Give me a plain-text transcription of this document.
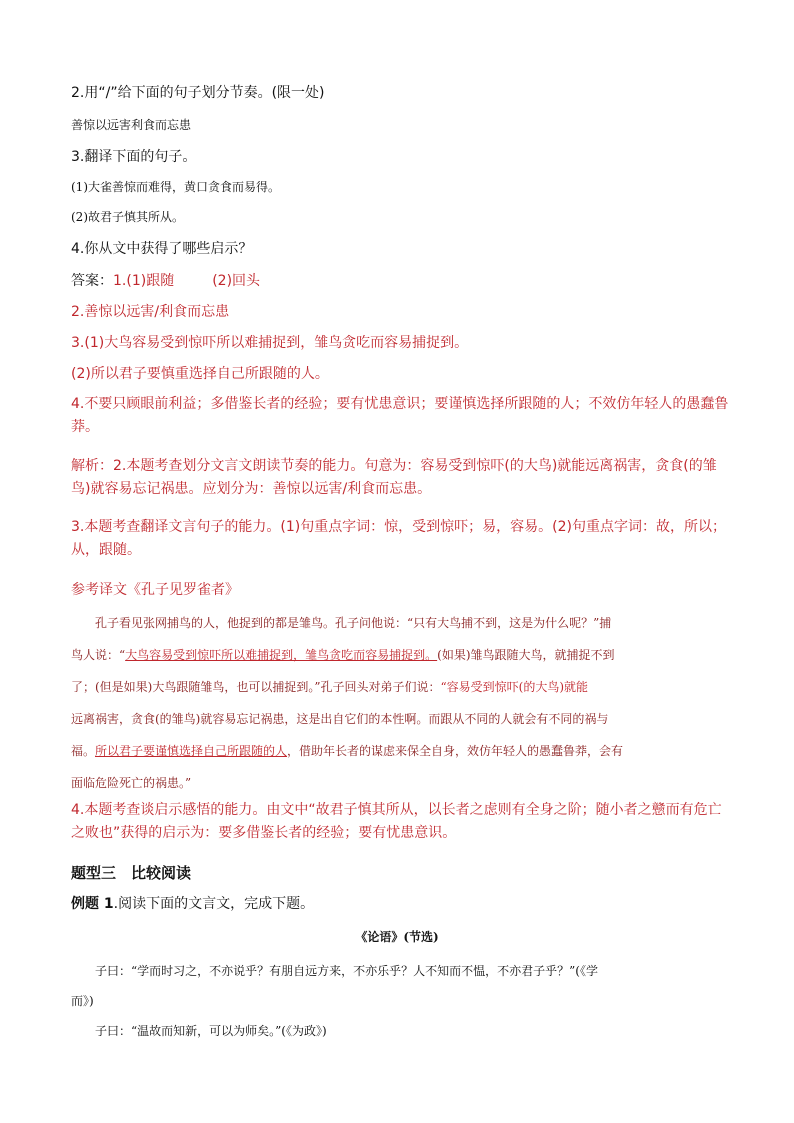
2.用“/”给下面的句子划分节奏。(限一处)
善惊以远害利食而忘患
3.翻译下面的句子。
(1)大雀善惊而难得，黄口贪食而易得。
(2)故君子慎其所从。
4.你从文中获得了哪些启示？
答案：1.(1)跟随	(2)回头
2.善惊以远害/利食而忘患
3.(1)大鸟容易受到惊吓所以难捕捉到，雏鸟贪吃而容易捕捉到。
(2)所以君子要慎重选择自己所跟随的人。
4.不要只顾眼前利益；多借鉴长者的经验；要有忧患意识；要谨慎选择所跟随的人；不效仿年轻人的愚蠢鲁莽。
解析：2.本题考查划分文言文朗读节奏的能力。句意为：容易受到惊吓(的大鸟)就能远离祸害，贪食(的雏鸟)就容易忘记祸患。应划分为：善惊以远害/利食而忘患。
3.本题考查翻译文言句子的能力。(1)句重点字词：惊，受到惊吓；易，容易。(2)句重点字词：故，所以；从，跟随。
参考译文《孔子见罗雀者》
孔子看见张网捕鸟的人，他捉到的都是雏鸟。孔子问他说：“只有大鸟捕不到，这是为什么呢？”捕
鸟人说：“大鸟容易受到惊吓所以难捕捉到，雏鸟贪吃而容易捕捉到。(如果)雏鸟跟随大鸟，就捕捉不到
了；(但是如果)大鸟跟随雏鸟，也可以捕捉到。”孔子回头对弟子们说：“容易受到惊吓(的大鸟)就能
远离祸害，贪食(的雏鸟)就容易忘记祸患，这是出自它们的本性啊。而跟从不同的人就会有不同的祸与
福。所以君子要谨慎选择自己所跟随的人，借助年长者的谋虑来保全自身，效仿年轻人的愚蠢鲁莽，会有
面临危险死亡的祸患。”
4.本题考查谈启示感悟的能力。由文中“故君子慎其所从，以长者之虑则有全身之阶；随小者之戆而有危亡之败也”获得的启示为：要多借鉴长者的经验；要有忧患意识。
题型三　比较阅读
例题 1.阅读下面的文言文，完成下题。
《论语》(节选)
子曰：“学而时习之，不亦说乎？有朋自远方来，不亦乐乎？人不知而不愠，不亦君子乎？”(《学
而》)
子曰：“温故而知新，可以为师矣。”(《为政》)
